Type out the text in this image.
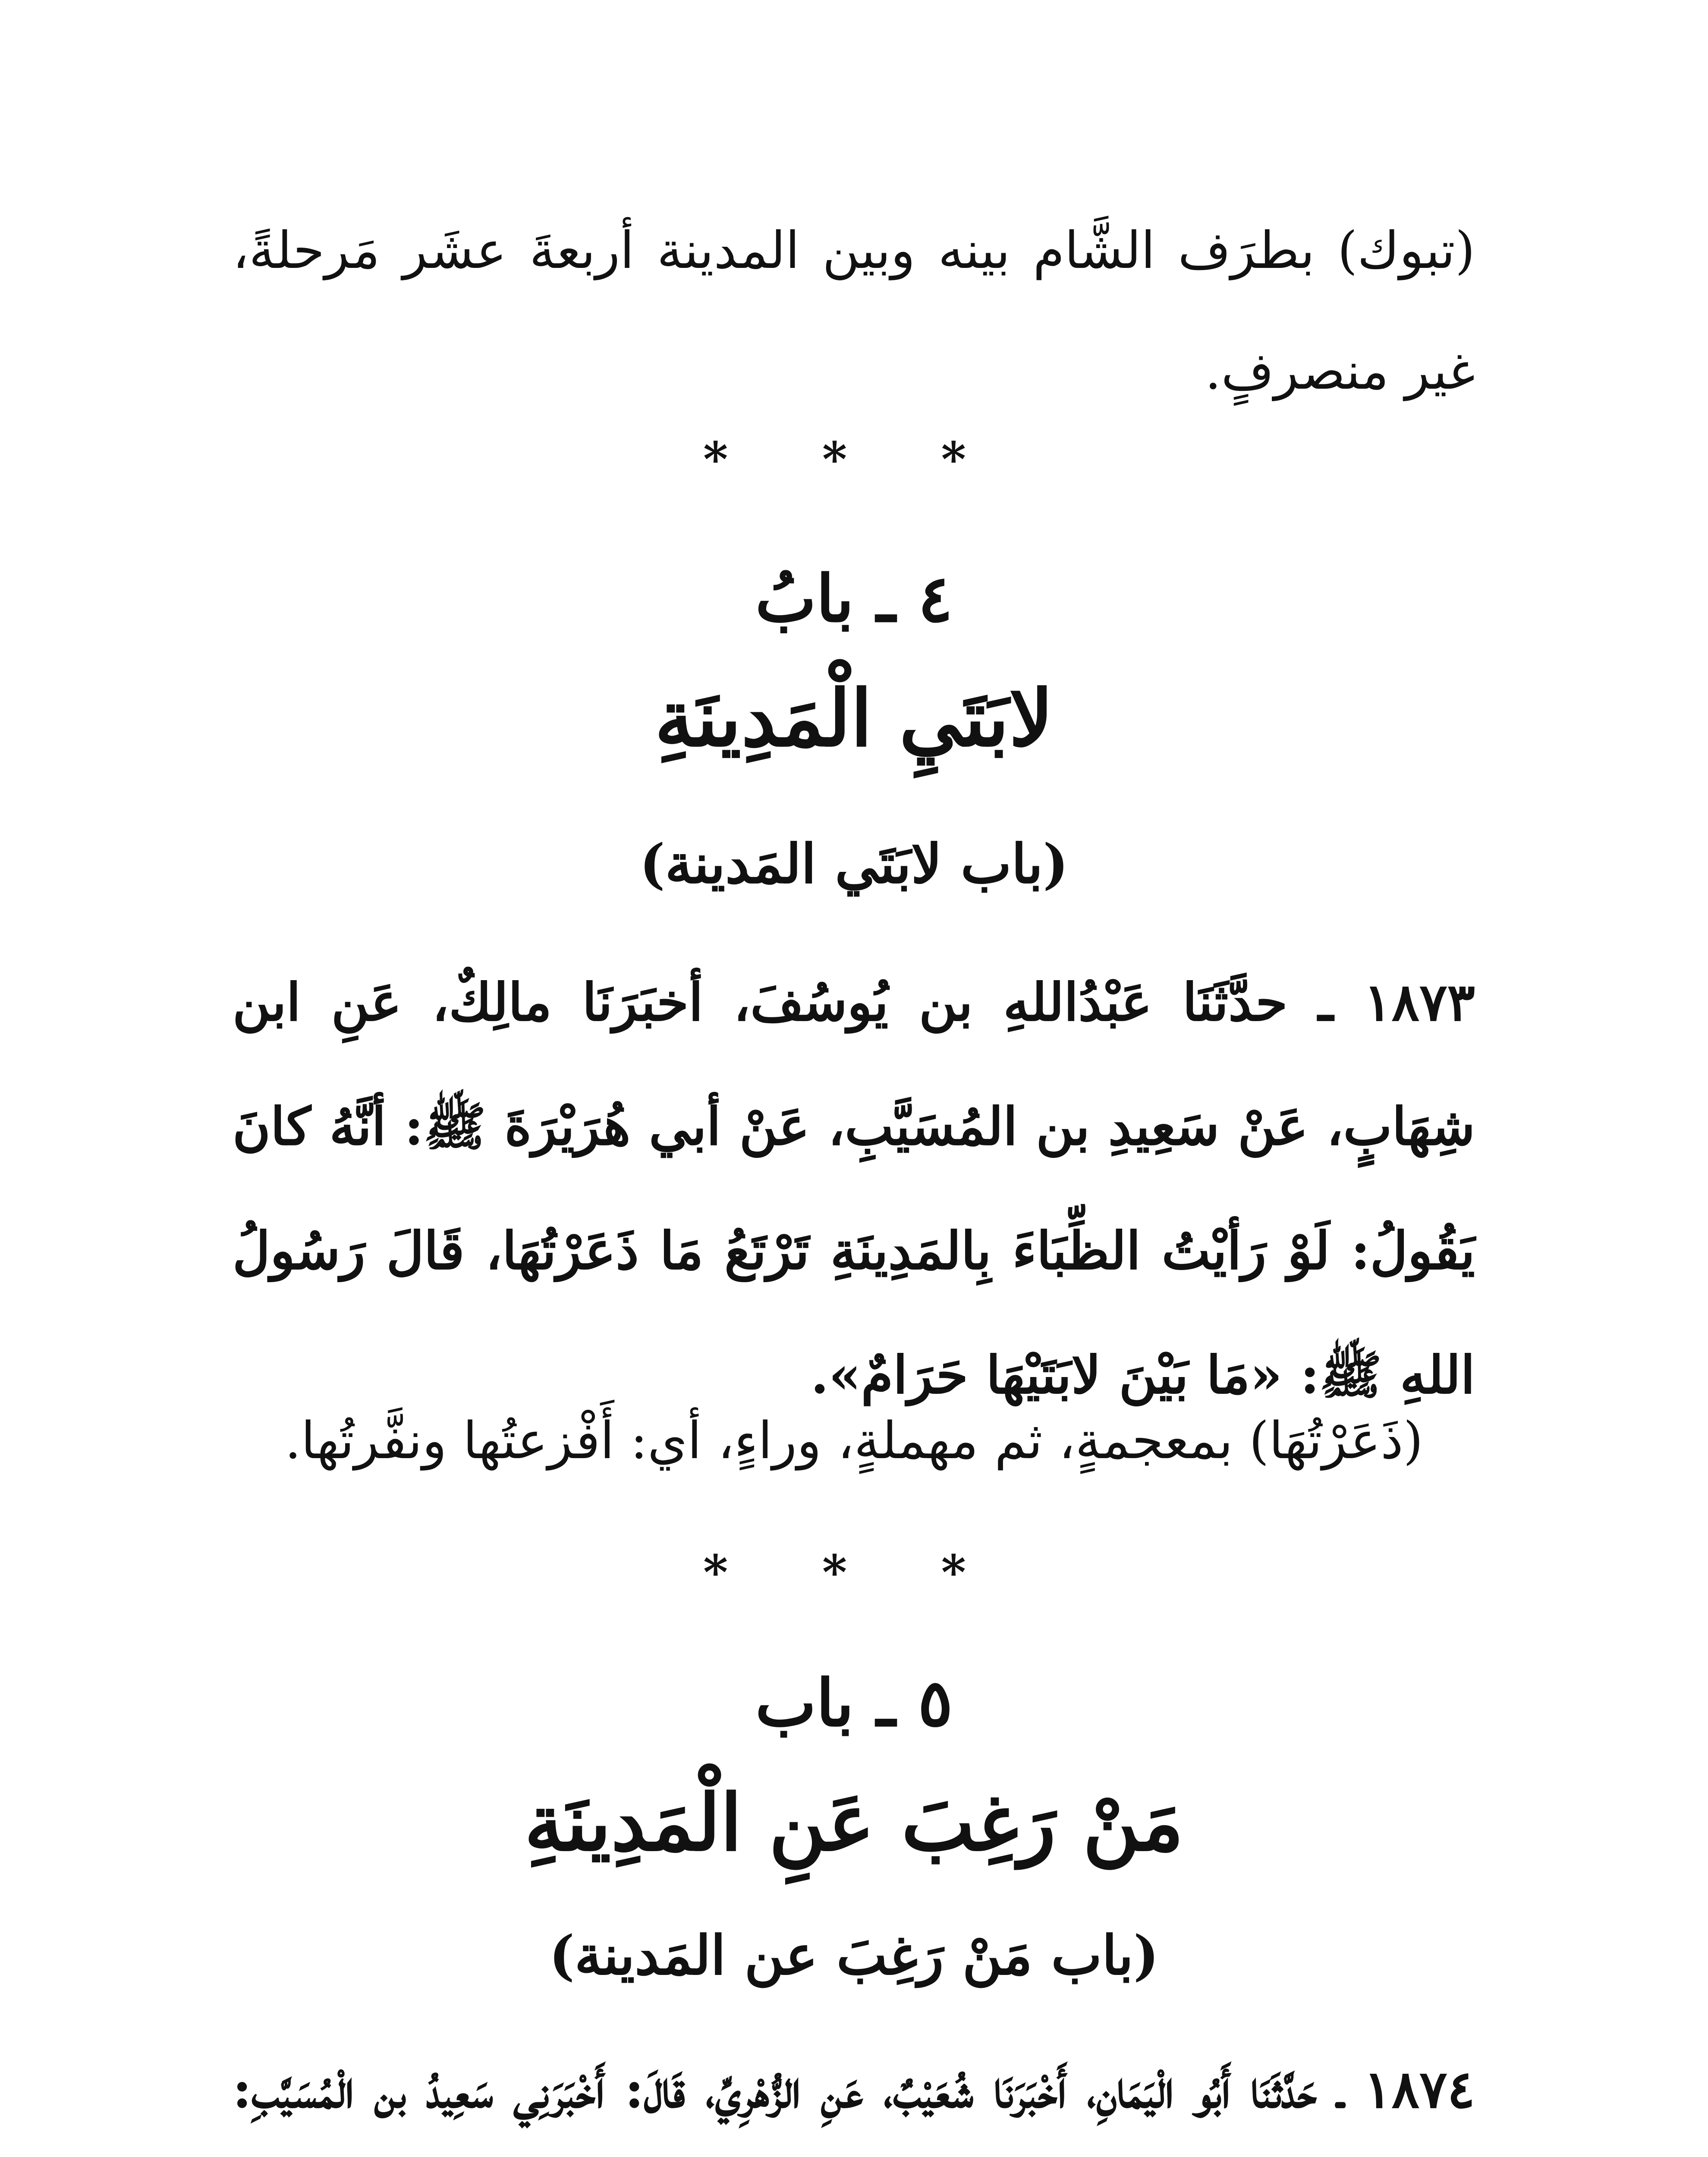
(تبوك) بطرَف الشَّام بينه وبين المدينة أربعةَ عشَر مَرحلةً، غير منصرفٍ.
* * *
٤ ـ بابُ
لابَتَيِ الْمَدِينَةِ
(باب لابَتَي المَدينة)
١٨٧٣ ـ حدَّثَنَا عَبْدُاللهِ بن يُوسُفَ، أخبَرَنَا مالِكٌ، عَنِ ابن شِهَابٍ، عَنْ سَعِيدِ بن المُسَيَّبِ، عَنْ أبي هُرَيْرَةَ ﷺ: أنَّهُ كانَ يَقُولُ: لَوْ رَأيْتُ الظِّبَاءَ بِالمَدِينَةِ تَرْتَعُ مَا ذَعَرْتُهَا، قَالَ رَسُولُ اللهِ ﷺ: «مَا بَيْنَ لابَتَيْهَا حَرَامٌ».
(ذَعَرْتُهَا) بمعجمةٍ، ثم مهملةٍ، وراءٍ، أي: أَفْزعتُها ونفَّرتُها.
* * *
٥ ـ باب
مَنْ رَغِبَ عَنِ الْمَدِينَةِ
(باب مَنْ رَغِبَ عن المَدينة)
١٨٧٤ ـ حَدَّثَنَا أَبُو الْيَمَانِ، أَخْبَرَنَا شُعَيْبٌ، عَنِ الزُّهْرِيِّ، قَالَ: أَخْبَرَنِي سَعِيدُ بن الْمُسَيَّبِ:
